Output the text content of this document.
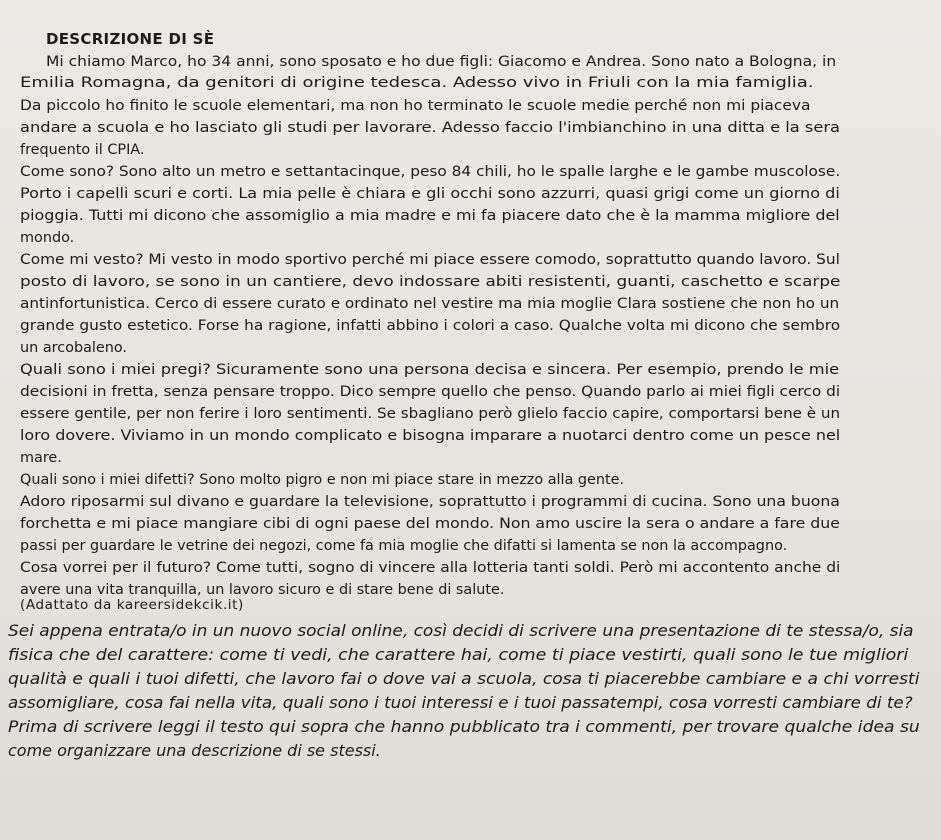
DESCRIZIONE DI SÈ
Mi chiamo Marco, ho 34 anni, sono sposato e ho due figli: Giacomo e Andrea. Sono nato a Bologna, in
Emilia Romagna, da genitori di origine tedesca. Adesso vivo in Friuli con la mia famiglia.
Da piccolo ho finito le scuole elementari, ma non ho terminato le scuole medie perché non mi piaceva
andare a scuola e ho lasciato gli studi per lavorare. Adesso faccio l'imbianchino in una ditta e la sera
frequento il CPIA.
Come sono? Sono alto un metro e settantacinque, peso 84 chili, ho le spalle larghe e le gambe muscolose.
Porto i capelli scuri e corti. La mia pelle è chiara e gli occhi sono azzurri, quasi grigi come un giorno di
pioggia. Tutti mi dicono che assomiglio a mia madre e mi fa piacere dato che è la mamma migliore del
mondo.
Come mi vesto? Mi vesto in modo sportivo perché mi piace essere comodo, soprattutto quando lavoro. Sul
posto di lavoro, se sono in un cantiere, devo indossare abiti resistenti, guanti, caschetto e scarpe
antinfortunistica. Cerco di essere curato e ordinato nel vestire ma mia moglie Clara sostiene che non ho un
grande gusto estetico. Forse ha ragione, infatti abbino i colori a caso. Qualche volta mi dicono che sembro
un arcobaleno.
Quali sono i miei pregi? Sicuramente sono una persona decisa e sincera. Per esempio, prendo le mie
decisioni in fretta, senza pensare troppo. Dico sempre quello che penso. Quando parlo ai miei figli cerco di
essere gentile, per non ferire i loro sentimenti. Se sbagliano però glielo faccio capire, comportarsi bene è un
loro dovere. Viviamo in un mondo complicato e bisogna imparare a nuotarci dentro come un pesce nel
mare.
Quali sono i miei difetti? Sono molto pigro e non mi piace stare in mezzo alla gente.
Adoro riposarmi sul divano e guardare la televisione, soprattutto i programmi di cucina. Sono una buona
forchetta e mi piace mangiare cibi di ogni paese del mondo. Non amo uscire la sera o andare a fare due
passi per guardare le vetrine dei negozi, come fa mia moglie che difatti si lamenta se non la accompagno.
Cosa vorrei per il futuro? Come tutti, sogno di vincere alla lotteria tanti soldi. Però mi accontento anche di
avere una vita tranquilla, un lavoro sicuro e di stare bene di salute.
(Adattato da kareersidekcik.it)
Sei appena entrata/o in un nuovo social online, così decidi di scrivere una presentazione di te stessa/o, sia
fisica che del carattere: come ti vedi, che carattere hai, come ti piace vestirti, quali sono le tue migliori
qualità e quali i tuoi difetti, che lavoro fai o dove vai a scuola, cosa ti piacerebbe cambiare e a chi vorresti
assomigliare, cosa fai nella vita, quali sono i tuoi interessi e i tuoi passatempi, cosa vorresti cambiare di te?
Prima di scrivere leggi il testo qui sopra che hanno pubblicato tra i commenti, per trovare qualche idea su
come organizzare una descrizione di se stessi.
